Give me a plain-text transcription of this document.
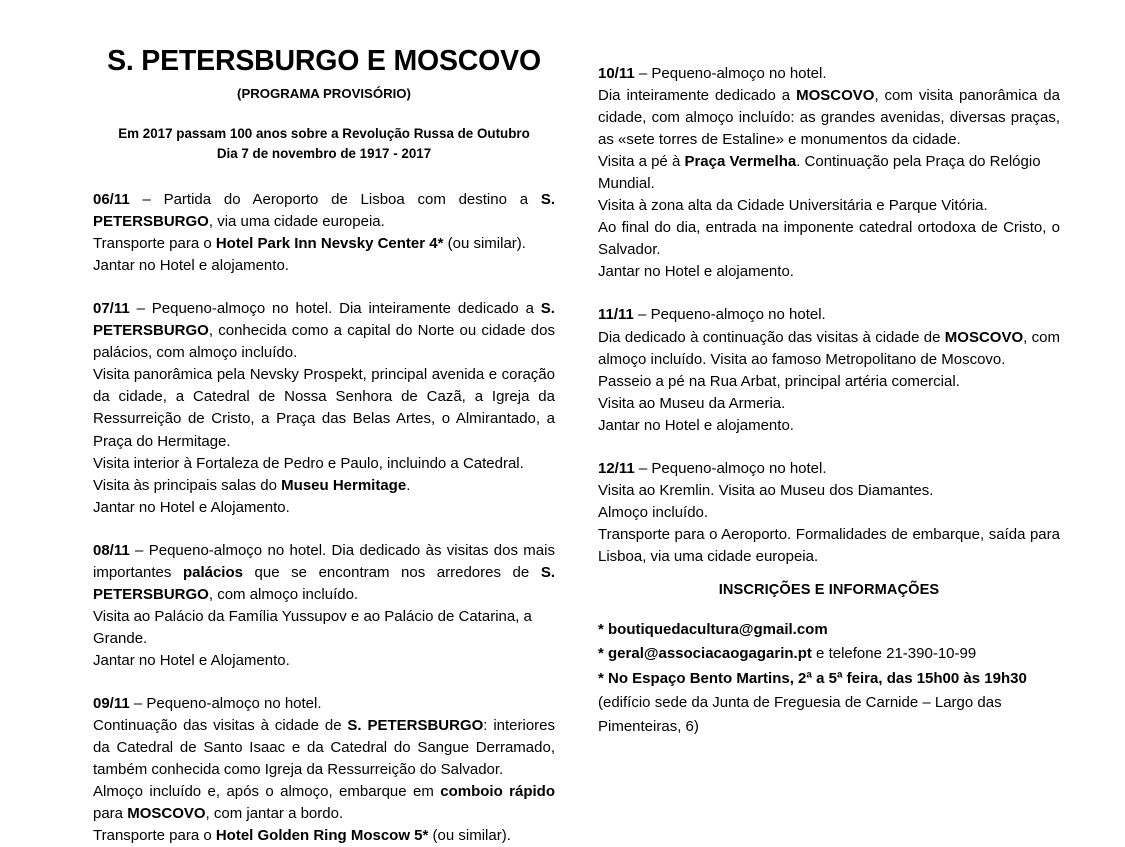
S. PETERSBURGO E MOSCOVO
(PROGRAMA PROVISÓRIO)
Em 2017 passam 100 anos sobre a Revolução Russa de Outubro
Dia 7 de novembro de 1917 - 2017
06/11 – Partida do Aeroporto de Lisboa com destino a S. PETERSBURGO, via uma cidade europeia.
Transporte para o Hotel Park Inn Nevsky Center 4* (ou similar).
Jantar no Hotel e alojamento.
07/11 – Pequeno-almoço no hotel. Dia inteiramente dedicado a S. PETERSBURGO, conhecida como a capital do Norte ou cidade dos palácios, com almoço incluído.
Visita panorâmica pela Nevsky Prospekt, principal avenida e coração da cidade, a Catedral de Nossa Senhora de Cazã, a Igreja da Ressurreição de Cristo, a Praça das Belas Artes, o Almirantado, a Praça do Hermitage.
Visita interior à Fortaleza de Pedro e Paulo, incluindo a Catedral.
Visita às principais salas do Museu Hermitage.
Jantar no Hotel e Alojamento.
08/11 – Pequeno-almoço no hotel. Dia dedicado às visitas dos mais importantes palácios que se encontram nos arredores de S. PETERSBURGO, com almoço incluído.
Visita ao Palácio da Família Yussupov e ao Palácio de Catarina, a Grande.
Jantar no Hotel e Alojamento.
09/11 – Pequeno-almoço no hotel.
Continuação das visitas à cidade de S. PETERSBURGO: interiores da Catedral de Santo Isaac e da Catedral do Sangue Derramado, também conhecida como Igreja da Ressurreição do Salvador.
Almoço incluído e, após o almoço, embarque em comboio rápido para MOSCOVO, com jantar a bordo.
Transporte para o Hotel Golden Ring Moscow 5* (ou similar).
10/11 – Pequeno-almoço no hotel.
Dia inteiramente dedicado a MOSCOVO, com visita panorâmica da cidade, com almoço incluído: as grandes avenidas, diversas praças, as «sete torres de Estaline» e monumentos da cidade.
Visita a pé à Praça Vermelha. Continuação pela Praça do Relógio Mundial.
Visita à zona alta da Cidade Universitária e Parque Vitória.
Ao final do dia, entrada na imponente catedral ortodoxa de Cristo, o Salvador.
Jantar no Hotel e alojamento.
11/11 – Pequeno-almoço no hotel.
Dia dedicado à continuação das visitas à cidade de MOSCOVO, com almoço incluído. Visita ao famoso Metropolitano de Moscovo.
Passeio a pé na Rua Arbat, principal artéria comercial.
Visita ao Museu da Armeria.
Jantar no Hotel e alojamento.
12/11 – Pequeno-almoço no hotel.
Visita ao Kremlin. Visita ao Museu dos Diamantes.
Almoço incluído.
Transporte para o Aeroporto. Formalidades de embarque, saída para Lisboa, via uma cidade europeia.
INSCRIÇÕES E INFORMAÇÕES

* boutiquedacultura@gmail.com

* geral@associacaogagarin.pt e telefone 21-390-10-99

* No Espaço Bento Martins, 2ª a 5ª feira, das 15h00 às 19h30 (edifício sede da Junta de Freguesia de Carnide – Largo das Pimenteiras, 6)
